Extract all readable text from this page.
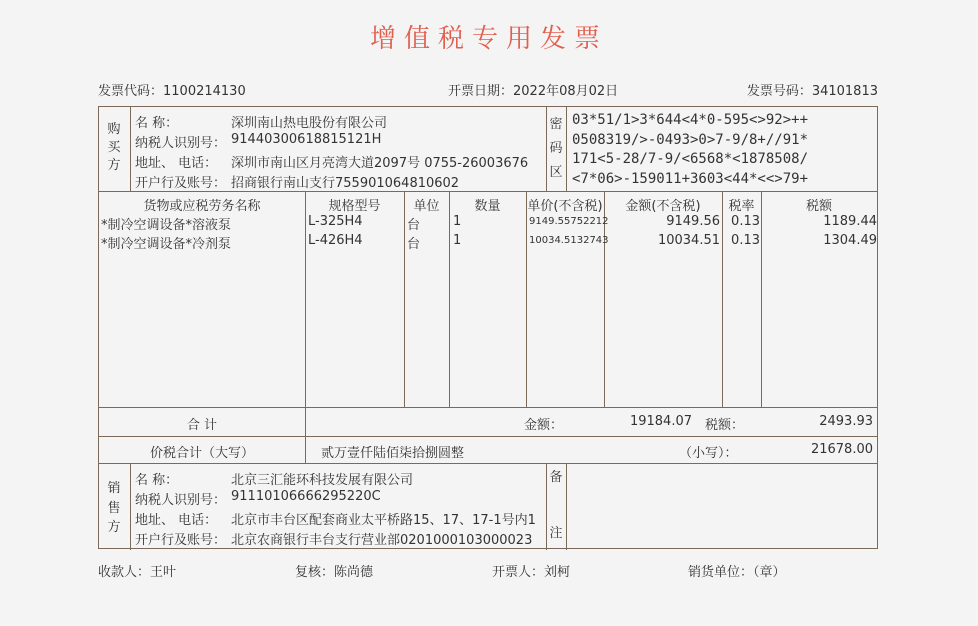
增值税专用发票
发票代码：1100214130	开票日期：2022年08月02日	发票号码：34101813
购
买
方
名 称：	深圳南山热电股份有限公司
纳税人识别号： 91440300618815121H
地址、 电话： 深圳市南山区月亮湾大道2097号 0755-26003676
开户行及账号： 招商银行南山支行755901064810602
密
码
区
03*51/1>3*644<4*0-595<>92>++
0508319/>-0493>0>7-9/8+//91*
171<5-28/7-9/<6568*<1878508/
<7*06>-159011+3603<44*<<>79+
货物或应税劳务名称	规格型号	单位	数量	单价(不含税)	金额(不含税)	税率	税额
*制冷空调设备*溶液泵	L-325H4	台	1	9149.55752212	9149.56 0.13	1189.44
*制冷空调设备*冷剂泵	L-426H4	台	1	10034.5132743	10034.51 0.13	1304.49
合 计	金额：	19184.07 税额：	2493.93
价税合计（大写）	贰万壹仟陆佰柒拾捌圆整	（小写）：	21678.00
销
售
方
名 称：	北京三汇能环科技发展有限公司
纳税人识别号： 91110106666295220C
地址、 电话： 北京市丰台区配套商业太平桥路15、17、17-1号内1
开户行及账号： 北京农商银行丰台支行营业部0201000103000023
备
注
收款人：王叶	复核：陈尚德	开票人：刘柯	销货单位：（章）
